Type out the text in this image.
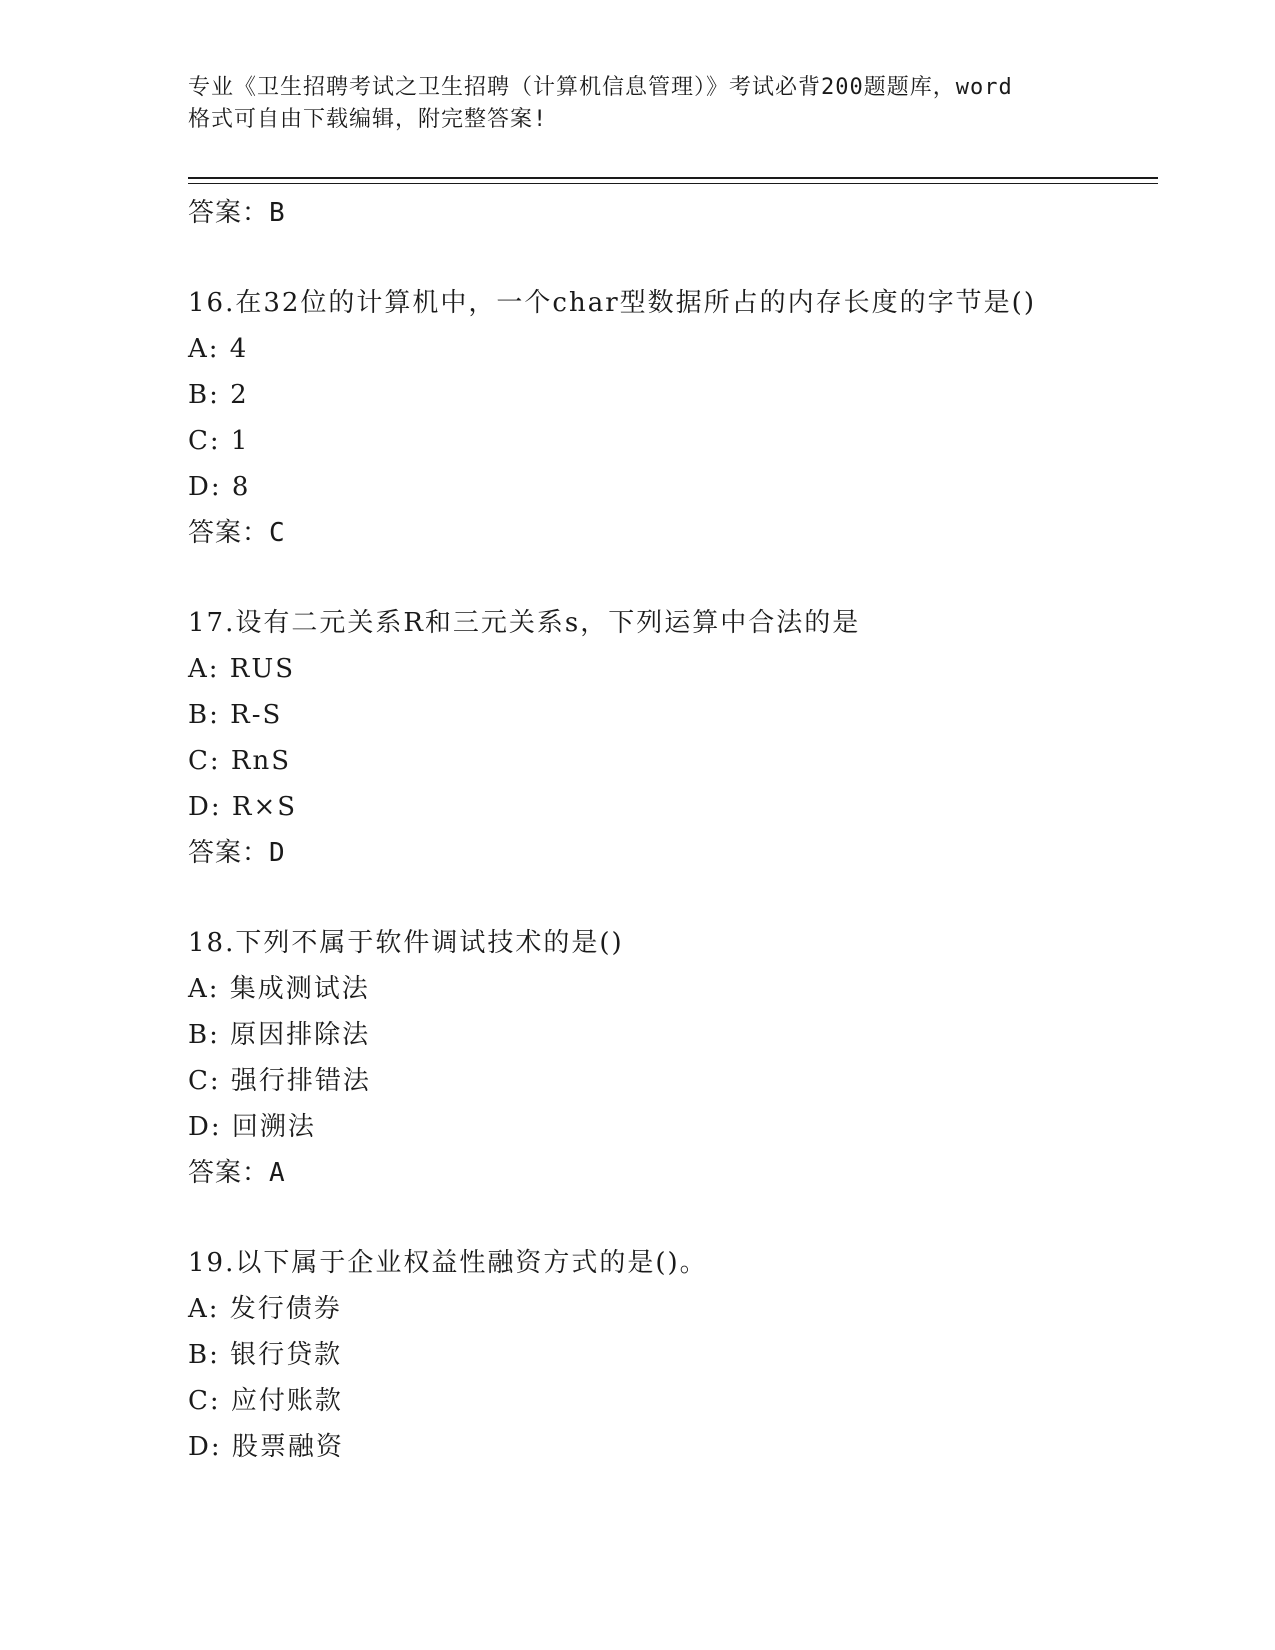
专业《卫生招聘考试之卫生招聘（计算机信息管理）》考试必背200题题库，word
格式可自由下载编辑，附完整答案!
答案：B
16.在32位的计算机中，一个char型数据所占的内存长度的字节是()
A: 4
B: 2
C: 1
D: 8
答案：C
17.设有二元关系R和三元关系s，下列运算中合法的是
A: RUS
B: R-S
C: RnS
D: R×S
答案：D
18.下列不属于软件调试技术的是()
A: 集成测试法
B: 原因排除法
C: 强行排错法
D: 回溯法
答案：A
19.以下属于企业权益性融资方式的是()。
A: 发行债券
B: 银行贷款
C: 应付账款
D: 股票融资
